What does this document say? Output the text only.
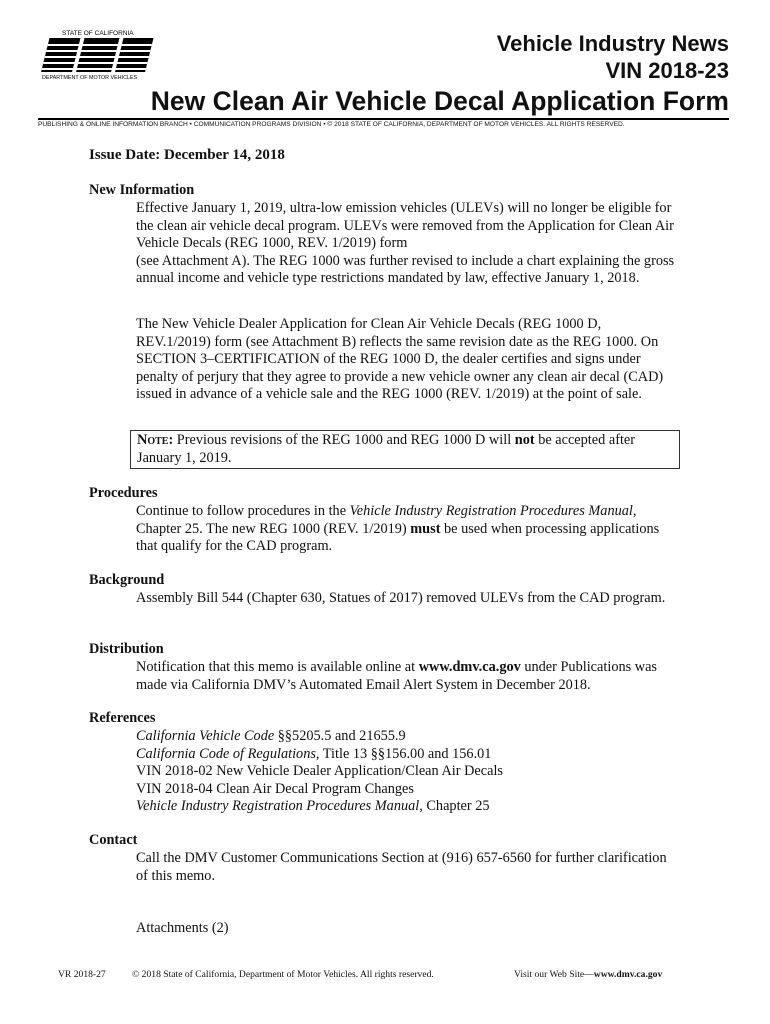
STATE OF CALIFORNIA
DEPARTMENT OF MOTOR VEHICLES
Vehicle Industry News
VIN 2018-23
New Clean Air Vehicle Decal Application Form
PUBLISHING & ONLINE INFORMATION BRANCH • COMMUNICATION PROGRAMS DIVISION • © 2018 STATE OF CALIFORNIA, DEPARTMENT OF MOTOR VEHICLES. ALL RIGHTS RESERVED.
Issue Date: December 14, 2018
New Information
Effective January 1, 2019, ultra-low emission vehicles (ULEVs) will no longer be eligible for the clean air vehicle decal program. ULEVs were removed from the Application for Clean Air Vehicle Decals (REG 1000, REV. 1/2019) form
(see Attachment A). The REG 1000 was further revised to include a chart explaining the gross annual income and vehicle type restrictions mandated by law, effective January 1, 2018.
The New Vehicle Dealer Application for Clean Air Vehicle Decals (REG 1000 D, REV.1/2019) form (see Attachment B) reflects the same revision date as the REG 1000. On SECTION 3–CERTIFICATION of the REG 1000 D, the dealer certifies and signs under penalty of perjury that they agree to provide a new vehicle owner any clean air decal (CAD) issued in advance of a vehicle sale and the REG 1000 (REV. 1/2019) at the point of sale.
Note: Previous revisions of the REG 1000 and REG 1000 D will not be accepted after January 1, 2019.
Procedures
Continue to follow procedures in the Vehicle Industry Registration Procedures Manual, Chapter 25. The new REG 1000 (REV. 1/2019) must be used when processing applications that qualify for the CAD program.
Background
Assembly Bill 544 (Chapter 630, Statues of 2017) removed ULEVs from the CAD program.
Distribution
Notification that this memo is available online at www.dmv.ca.gov under Publications was made via California DMV’s Automated Email Alert System in December 2018.
References
California Vehicle Code §§5205.5 and 21655.9
California Code of Regulations, Title 13 §§156.00 and 156.01
VIN 2018-02 New Vehicle Dealer Application/Clean Air Decals
VIN 2018-04 Clean Air Decal Program Changes
Vehicle Industry Registration Procedures Manual, Chapter 25
Contact
Call the DMV Customer Communications Section at (916) 657-6560 for further clarification of this memo.
Attachments (2)
VR 2018-27	© 2018 State of California, Department of Motor Vehicles. All rights reserved.	Visit our Web Site—www.dmv.ca.gov
